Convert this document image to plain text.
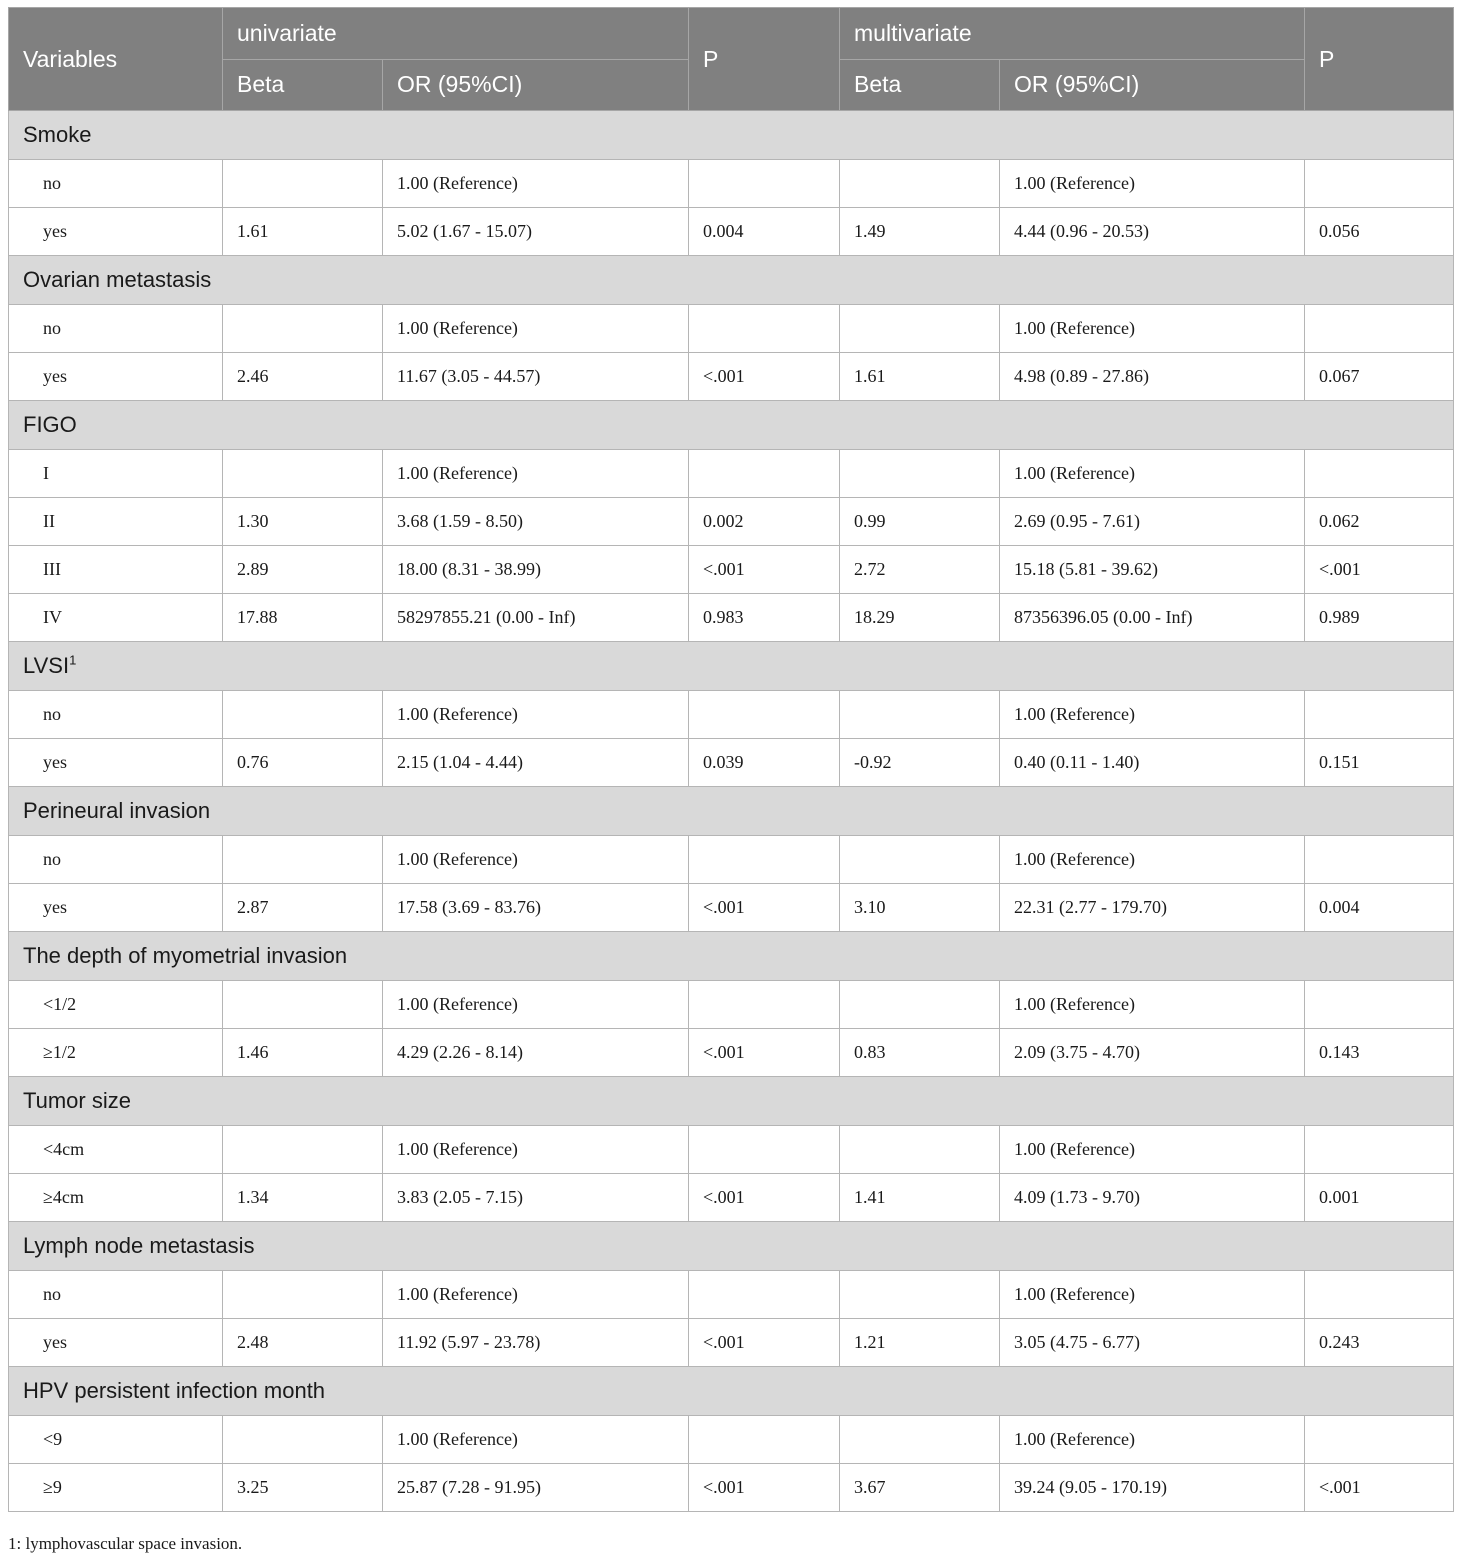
Variables	univariate		P	multivariate		P
	Beta	OR (95%CI)		Beta	OR (95%CI)	
Smoke						
no		1.00 (Reference)			1.00 (Reference)	
yes	1.61	5.02 (1.67 - 15.07)	0.004	1.49	4.44 (0.96 - 20.53)	0.056
Ovarian metastasis						
no		1.00 (Reference)			1.00 (Reference)	
yes	2.46	11.67 (3.05 - 44.57)	<.001	1.61	4.98 (0.89 - 27.86)	0.067
FIGO						
I		1.00 (Reference)			1.00 (Reference)	
II	1.30	3.68 (1.59 - 8.50)	0.002	0.99	2.69 (0.95 - 7.61)	0.062
III	2.89	18.00 (8.31 - 38.99)	<.001	2.72	15.18 (5.81 - 39.62)	<.001
IV	17.88	58297855.21 (0.00 - Inf)	0.983	18.29	87356396.05 (0.00 - Inf)	0.989
LVSI$^1$
no		1.00 (Reference)			1.00 (Reference)	
yes	0.76	2.15 (1.04 - 4.44)	0.039	-0.92	0.40 (0.11 - 1.40)	0.151
Perineural invasion						
no		1.00 (Reference)			1.00 (Reference)	
yes	2.87	17.58 (3.69 - 83.76)	<.001	3.10	22.31 (2.77 - 179.70)	0.004
The depth of myometrial invasion						
<1/2		1.00 (Reference)			1.00 (Reference)	
≥1/2	1.46	4.29 (2.26 - 8.14)	<.001	0.83	2.09 (3.75 - 4.70)	0.143
Tumor size						
<4cm		1.00 (Reference)			1.00 (Reference)	
≥4cm	1.34	3.83 (2.05 - 7.15)	<.001	1.41	4.09 (1.73 - 9.70)	0.001
Lymph node metastasis						
no		1.00 (Reference)			1.00 (Reference)	
yes	2.48	11.92 (5.97 - 23.78)	<.001	1.21	3.05 (4.75 - 6.77)	0.243
HPV persistent infection month						
<9		1.00 (Reference)			1.00 (Reference)	
≥9	3.25	25.87 (7.28 - 91.95)	<.001	3.67	39.24 (9.05 - 170.19)	<.001
1: lymphovascular space invasion.
